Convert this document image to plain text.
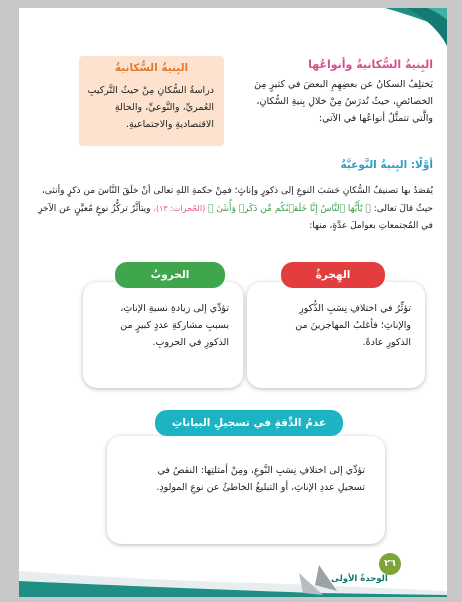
البِنيةُ السُّكانيةُ
دراسةُ السُّكانِ مِنْ حيثُ التَّركيبِ العُمريِّ، والنَّوعيِّ، والحالةِ الاقتصاديةِ والاجتماعيةِ.
البِنيةُ السُّكانيةُ وأنواعُها
يَختلِفُ السكانُ عن بعضِهِمِ البعضَ في كثيرٍ مِنَ الخصائصِ، حيثُ تُدرَسُ مِنْ خلالِ بِنيةِ السُّكانِ، والَّتي تتمثَّلُ أنواعُها في الآتي:
أوَّلًا: البِنيةُ النَّوعيَّةُ
يُقصَدُ بها تصنيفُ السُّكانِ حَسَبَ النوعِ إلى ذكورٍ وإناثٍ؛ فمِنْ حكمةِ اللهِ تعالى أنْ خلَقَ النَّاسَ من ذكرٍ وأنثى، حيثُ قالَ تعالى: ﴿ يَٰٓأَيُّهَا ٱلنَّاسُ إِنَّا خَلَقۡنَٰكُم مِّن ذَكَرٖ وَأُنثَىٰ ﴾ (الحُجرات: ١٣)، ويتأثَّرُ تركُّزُ نوعٍ مُعيَّنٍ عن الآخرِ في المُجتمعاتِ بعواملَ عدَّةٍ، منها:
تؤثِّرُ في اختلافِ نِسَبِ الذُّكورِ والإناثِ؛ فأغلبُ المهاجرينَ من الذكورِ عادةً.
الهِجرةُ
تؤدِّي إلى زيادةِ نسبةِ الإناثِ، بسببِ مشاركةِ عددٍ كبيرٍ من الذكورِ في الحروبِ.
الحروبُ
تؤدِّي إلى اختلافِ نِسَبِ النَّوعِ، ومِنْ أمثلتِها: النقصُ في تسجيلِ عددِ الإناثِ، أو التبليغُ الخاطئُ عن نوعِ المولودِ.
عدمُ الدِّقةِ في تسجيلِ البياناتِ السُّكانيةِ
٢٦
الوحدةُ الأولى
